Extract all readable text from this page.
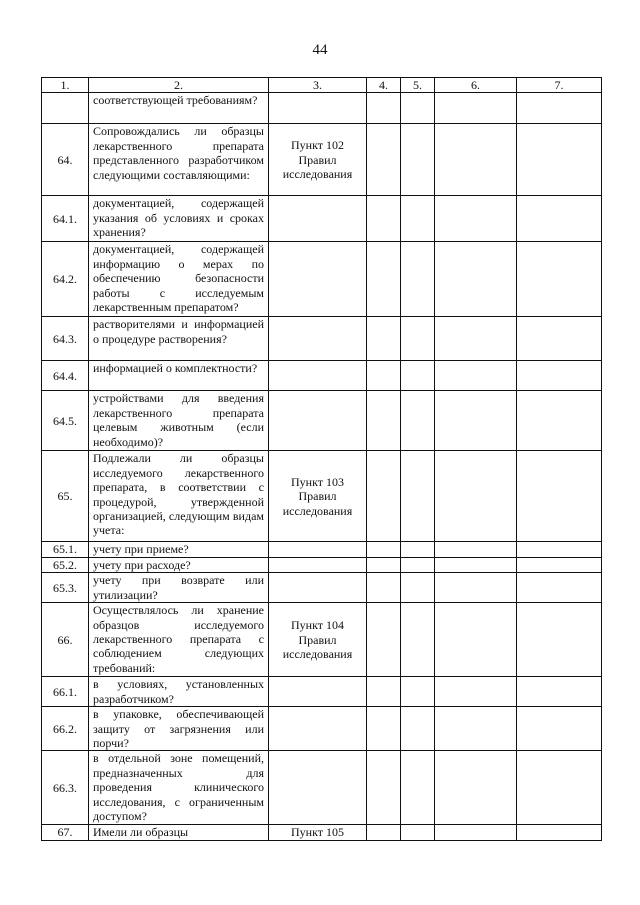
44
1.	2.	3.	4.	5.	6.	7.
	соответствующей требованиям?	

64.	Сопровождались ли образцы лекарственного препарата представленного разработчиком следующими составляющими:	Пункт 102
Правил
исследования				

64.1.	документацией, содержащей указания об условиях и сроках хранения?	

64.2.	документацией, содержащей информацию о мерах по обеспечению безопасности работы с исследуемым лекарственным препаратом?	

64.3.	растворителями и информацией о процедуре растворения?	

64.4.	информацией о комплектности?	

64.5.	устройствами для введения лекарственного препарата целевым животным (если необходимо)?	

65.	Подлежали ли образцы исследуемого лекарственного препарата, в соответствии с процедурой, утвержденной организацией, следующим видам учета:	Пункт 103
Правил
исследования				

65.1.	учету при приеме?	

65.2.	учету при расходе?	

65.3.	учету при возврате или утилизации?	

66.	Осуществлялось ли хранение образцов исследуемого лекарственного препарата с соблюдением следующих требований:	Пункт 104
Правил
исследования				

66.1.	в условиях, установленных разработчиком?	

66.2.	в упаковке, обеспечивающей защиту от загрязнения или порчи?	

66.3.	в отдельной зоне помещений, предназначенных для проведения клинического исследования, с ограниченным доступом?	

67.	Имели ли образцы	Пункт 105				
